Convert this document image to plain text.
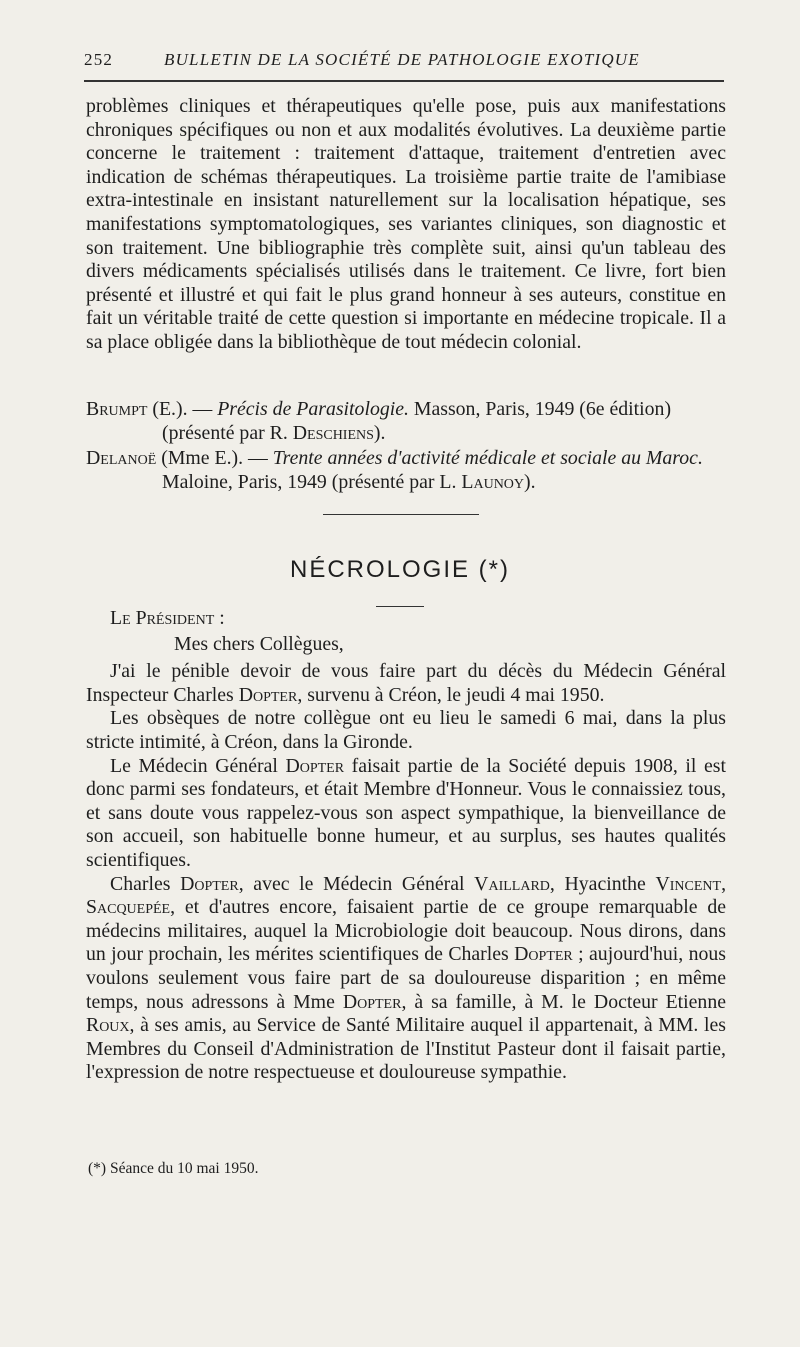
252	BULLETIN DE LA SOCIÉTÉ DE PATHOLOGIE EXOTIQUE

problèmes cliniques et thérapeutiques qu'elle pose, puis aux manifestations chroniques spécifiques ou non et aux modalités évolutives. La deuxième partie concerne le traitement : traitement d'attaque, traitement d'entretien avec indication de schémas thérapeutiques. La troisième partie traite de l'amibiase extra-intestinale en insistant naturellement sur la localisation hépatique, ses manifestations symptomatologiques, ses variantes cliniques, son diagnostic et son traitement. Une bibliographie très complète suit, ainsi qu'un tableau des divers médicaments spécialisés utilisés dans le traitement. Ce livre, fort bien présenté et illustré et qui fait le plus grand honneur à ses auteurs, constitue en fait un véritable traité de cette question si importante en médecine tropicale. Il a sa place obligée dans la bibliothèque de tout médecin colonial.

Brumpt (E.). — Précis de Parasitologie. Masson, Paris, 1949 (6e édition) (présenté par R. Deschiens).

Delanoë (Mme E.). — Trente années d'activité médicale et sociale au Maroc. Maloine, Paris, 1949 (présenté par L. Launoy).

NÉCROLOGIE (*)

Le Président :

Mes chers Collègues,

J'ai le pénible devoir de vous faire part du décès du Médecin Général Inspecteur Charles Dopter, survenu à Créon, le jeudi 4 mai 1950.

Les obsèques de notre collègue ont eu lieu le samedi 6 mai, dans la plus stricte intimité, à Créon, dans la Gironde.

Le Médecin Général Dopter faisait partie de la Société depuis 1908, il est donc parmi ses fondateurs, et était Membre d'Honneur. Vous le connaissiez tous, et sans doute vous rappelez-vous son aspect sympathique, la bienveillance de son accueil, son habituelle bonne humeur, et au surplus, ses hautes qualités scientifiques.

Charles Dopter, avec le Médecin Général Vaillard, Hyacinthe Vincent, Sacquepée, et d'autres encore, faisaient partie de ce groupe remarquable de médecins militaires, auquel la Microbiologie doit beaucoup. Nous dirons, dans un jour prochain, les mérites scientifiques de Charles Dopter ; aujourd'hui, nous voulons seulement vous faire part de sa douloureuse disparition ; en même temps, nous adressons à Mme Dopter, à sa famille, à M. le Docteur Etienne Roux, à ses amis, au Service de Santé Militaire auquel il appartenait, à MM. les Membres du Conseil d'Administration de l'Institut Pasteur dont il faisait partie, l'expression de notre respectueuse et douloureuse sympathie.

(*) Séance du 10 mai 1950.
